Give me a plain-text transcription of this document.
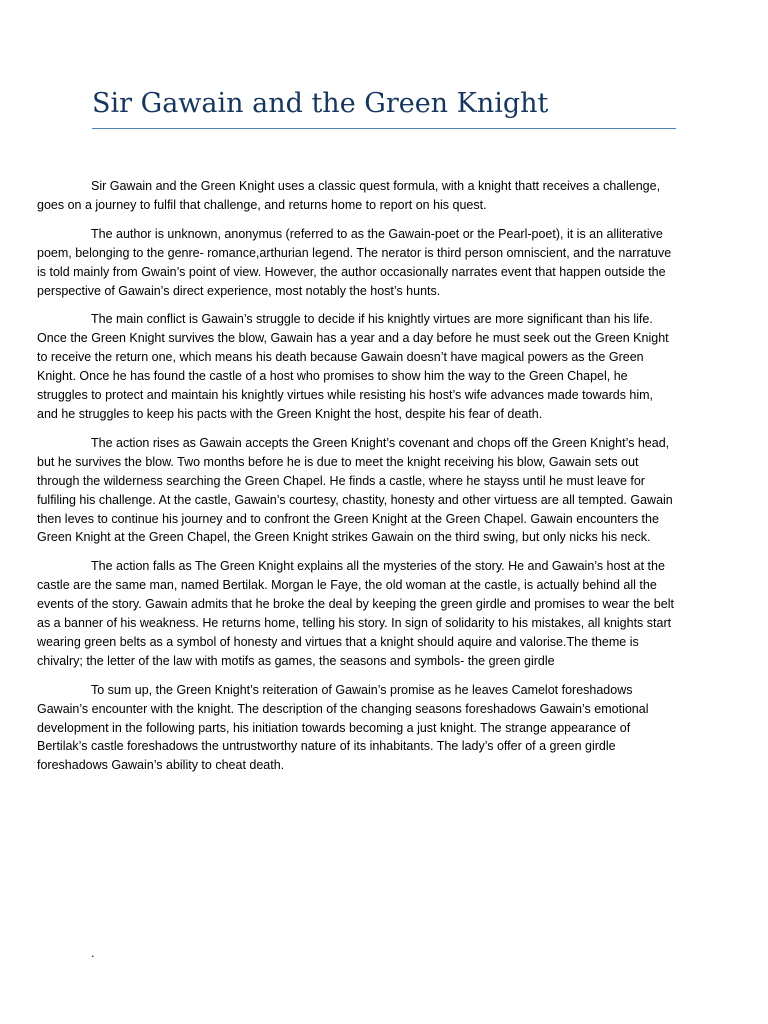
Sir Gawain and the Green Knight

Sir Gawain and the Green Knight uses a classic quest formula, with a knight thatt receives a challenge, goes on a journey to fulfil that challenge, and returns home to report on his quest.

The author is unknown, anonymus (referred to as the Gawain-poet or the Pearl-poet), it is an alliterative poem, belonging to the genre- romance,arthurian legend. The nerator is third person omniscient, and the narratuve is told mainly from Gwain’s point of view. However, the author occasionally narrates event that happen outside the perspective of Gawain’s direct experience, most notably the host’s hunts.

The main conflict is Gawain’s struggle to decide if his knightly virtues are more significant than his life. Once the Green Knight survives the blow, Gawain has a year and a day before he must seek out the Green Knight to receive the return one, which means his death because Gawain doesn’t have magical powers as the Green Knight. Once he has found the castle of a host who promises to show him the way to the Green Chapel, he struggles to protect and maintain his knightly virtues while resisting his host’s wife advances made towards him, and he struggles to keep his pacts with the Green Knight the host, despite his fear of death.

The action rises as Gawain accepts the Green Knight’s covenant and chops off the Green Knight’s head, but he survives the blow. Two months before he is due to meet the knight receiving his blow, Gawain sets out through the wilderness searching the Green Chapel. He finds a castle, where he stayss until he must leave for fulfiling his challenge. At the castle, Gawain’s courtesy, chastity, honesty and other virtuess are all tempted. Gawain then leves to continue his journey and to confront the Green Knight at the Green Chapel. Gawain encounters the Green Knight at the Green Chapel, the Green Knight strikes Gawain on the third swing, but only nicks his neck.

The action falls as The Green Knight explains all the mysteries of the story. He and Gawain’s host at the castle are the same man, named Bertilak. Morgan le Faye, the old woman at the castle, is actually behind all the events of the story. Gawain admits that he broke the deal by keeping the green girdle and promises to wear the belt as a banner of his weakness. He returns home, telling his story. In sign of solidarity to his mistakes, all knights start wearing green belts as a symbol of honesty and virtues that a knight should aquire and valorise.The theme is chivalry; the letter of the law with motifs as games, the seasons and symbols- the green girdle

To sum up, the Green Knight’s reiteration of Gawain’s promise as he leaves Camelot foreshadows Gawain’s encounter with the knight. The description of the changing seasons foreshadows Gawain’s emotional development in the following parts, his initiation towards becoming a just knight. The strange appearance of Bertilak’s castle foreshadows the untrustworthy nature of its inhabitants. The lady’s offer of a green girdle foreshadows Gawain’s ability to cheat death.

.
